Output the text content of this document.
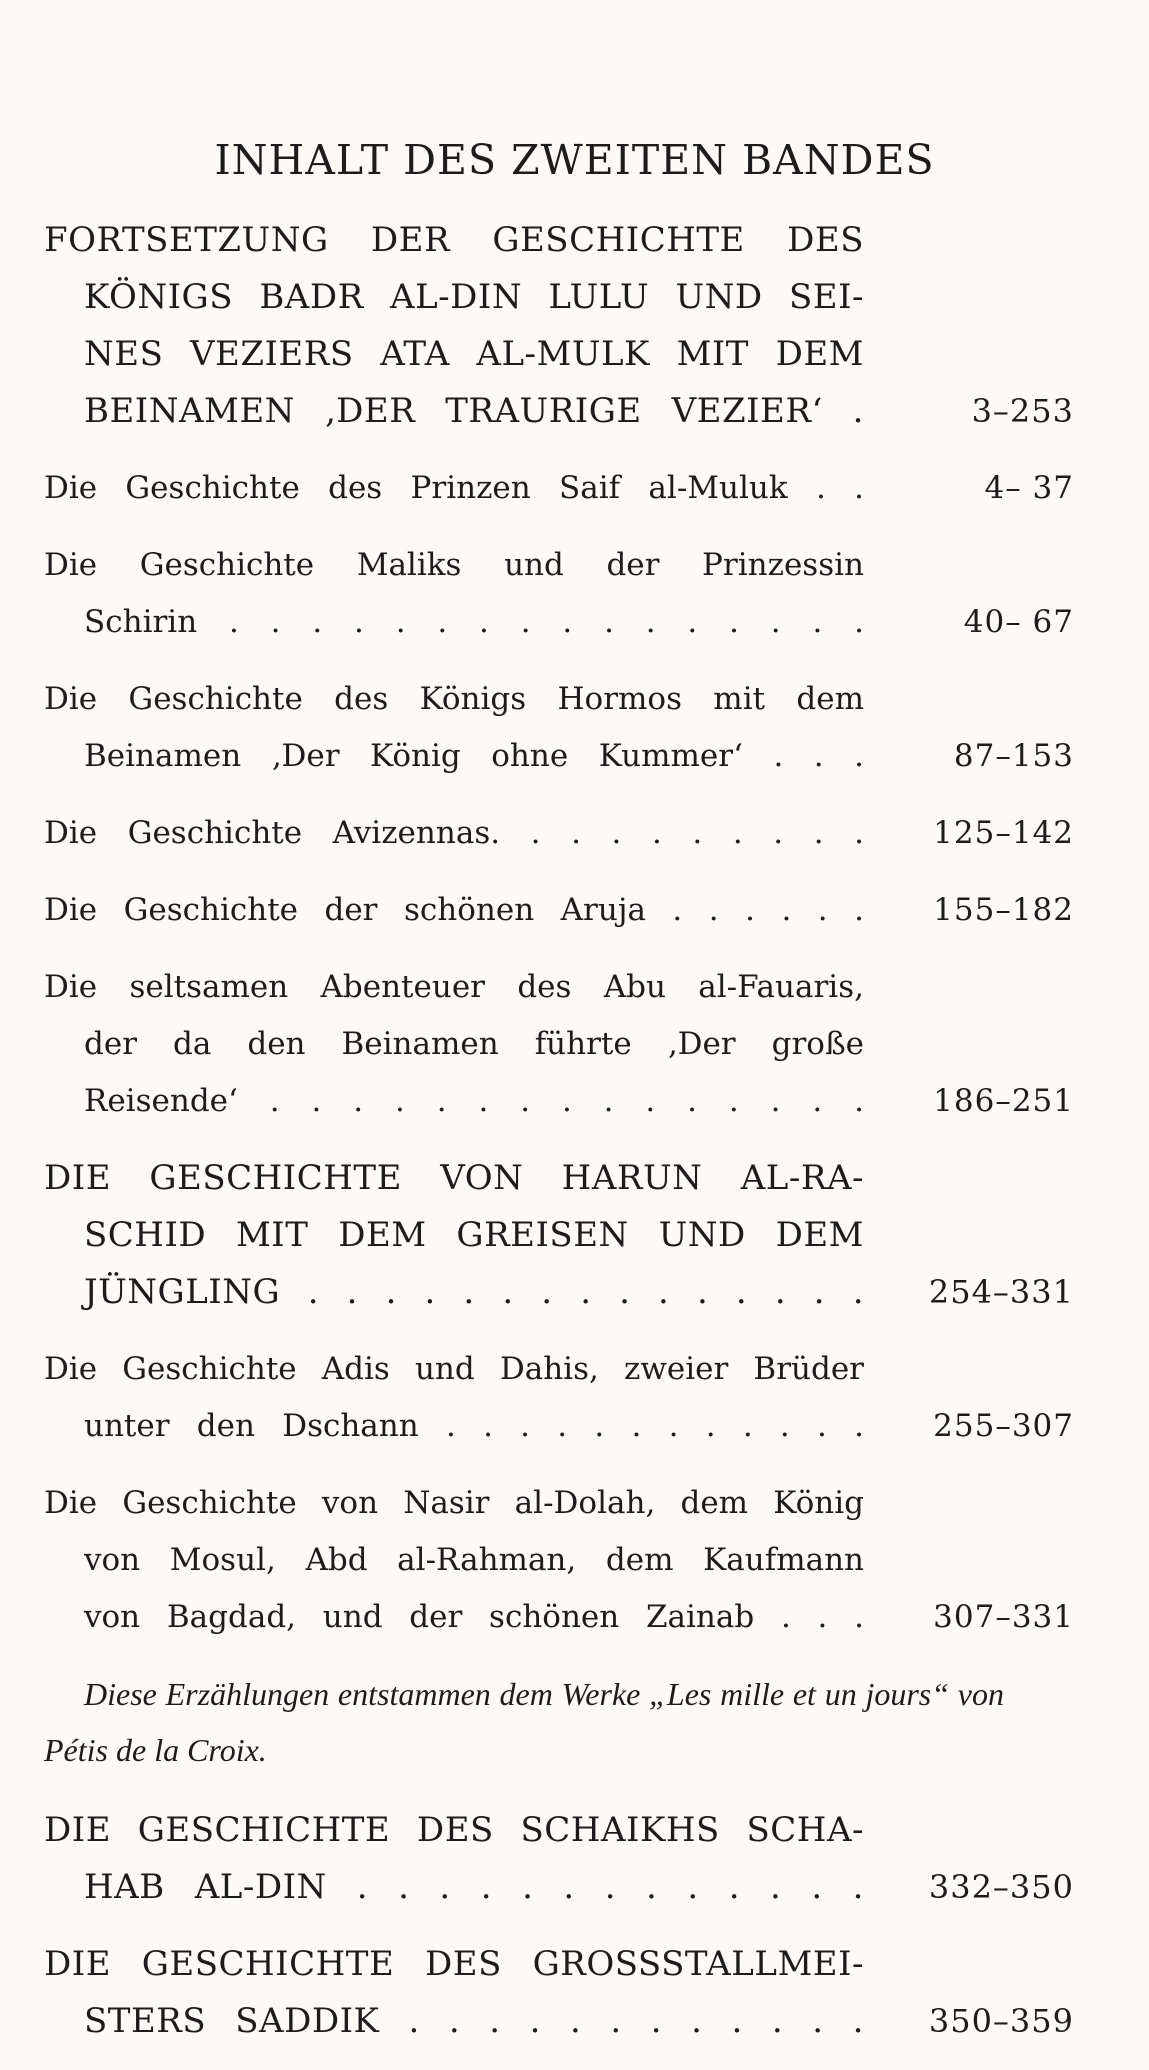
INHALT DES ZWEITEN BANDES
FORTSETZUNG DER GESCHICHTE DES
KÖNIGS BADR AL-DIN LULU UND SEI-
NES VEZIERS ATA AL-MULK MIT DEM
BEINAMEN ‚DER TRAURIGE VEZIER‘ .	3–253
Die Geschichte des Prinzen Saif al-Muluk . .	4– 37
Die Geschichte Maliks und der Prinzessin
Schirin . . . . . . . . . . . . . . . .	40– 67
Die Geschichte des Königs Hormos mit dem
Beinamen ‚Der König ohne Kummer‘ . . .	87–153
Die Geschichte Avizennas. . . . . . . . . . 125–142
Die Geschichte der schönen Aruja . . . . . . 155–182
Die seltsamen Abenteuer des Abu al-Fauaris,
der da den Beinamen führte ‚Der große
Reisende‘ . . . . . . . . . . . . . . . 186–251
DIE GESCHICHTE VON HARUN AL-RA-
SCHID MIT DEM GREISEN UND DEM
JÜNGLING . . . . . . . . . . . . . . . 254–331
Die Geschichte Adis und Dahis, zweier Brüder
unter den Dschann . . . . . . . . . . . . 255–307
Die Geschichte von Nasir al-Dolah, dem König
von Mosul, Abd al-Rahman, dem Kaufmann
von Bagdad, und der schönen Zainab . . . 307–331

Diese Erzählungen entstammen dem Werke „Les mille et un jours“ von Pétis de la Croix.

DIE GESCHICHTE DES SCHAIKHS SCHA-
HAB AL-DIN . . . . . . . . . . . . . 332–350
DIE GESCHICHTE DES GROSSSTALLMEI-
STERS SADDIK . . . . . . . . . . . . 350–359
